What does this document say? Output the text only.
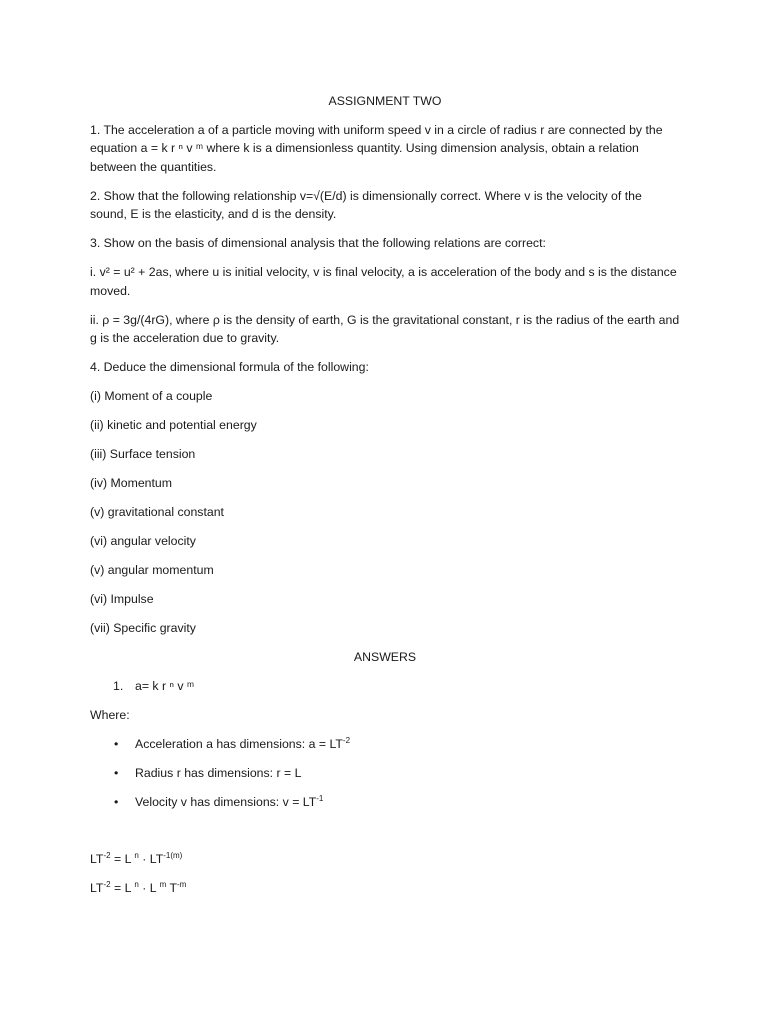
ASSIGNMENT TWO

1. The acceleration a of a particle moving with uniform speed v in a circle of radius r are connected by the equation a = k r ⁿ v ᵐ where k is a dimensionless quantity. Using dimension analysis, obtain a relation between the quantities.

2. Show that the following relationship v=√(E/d) is dimensionally correct. Where v is the velocity of the sound, E is the elasticity, and d is the density.

3. Show on the basis of dimensional analysis that the following relations are correct:

i. v² = u² + 2as, where u is initial velocity, v is final velocity, a is acceleration of the body and s is the distance moved.

ii. ρ = 3g/(4rG), where ρ is the density of earth, G is the gravitational constant, r is the radius of the earth and g is the acceleration due to gravity.

4. Deduce the dimensional formula of the following:

(i) Moment of a couple

(ii) kinetic and potential energy

(iii) Surface tension

(iv) Momentum

(v) gravitational constant

(vi) angular velocity

(v) angular momentum

(vi) Impulse

(vii) Specific gravity

ANSWERS

1. a= k r ⁿ v ᵐ

Where:

•	Acceleration a has dimensions: $a = LT^{-2}$
•	Radius r has dimensions: r = L
•	Velocity v has dimensions: $v = LT^{-1}$

$LT^{-2} = L$ $^n \cdot LT^{-1(m)}$

$LT^{-2} = L$ $^n$ · L $^m$ $T^{-m}$
